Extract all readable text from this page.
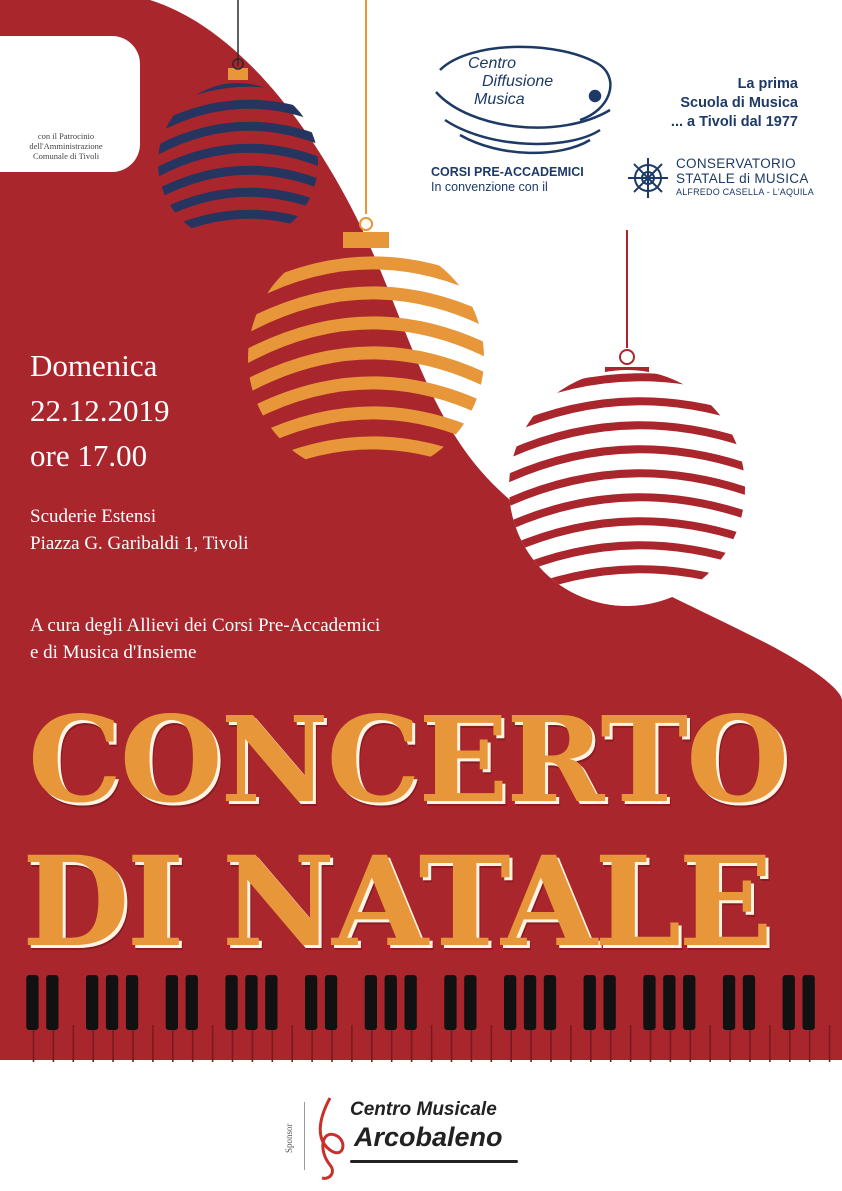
Centro
Diffusione
Musica
con il Patrocinio
dell'Amministrazione
Comunale di Tivoli
CORSI PRE-ACCADEMICI
In convenzione con il
La prima
Scuola di Musica
... a Tivoli dal 1977
CONSERVATORIO
STATALE di MUSICA
ALFREDO CASELLA - L'AQUILA
Domenica
22.12.2019
ore 17.00
Scuderie Estensi
Piazza G. Garibaldi 1, Tivoli
A cura degli Allievi dei Corsi Pre-Accademici
e di Musica d'Insieme
CONCERTO
DI NATALE
Sponsor
Centro Musicale
Arcobaleno
